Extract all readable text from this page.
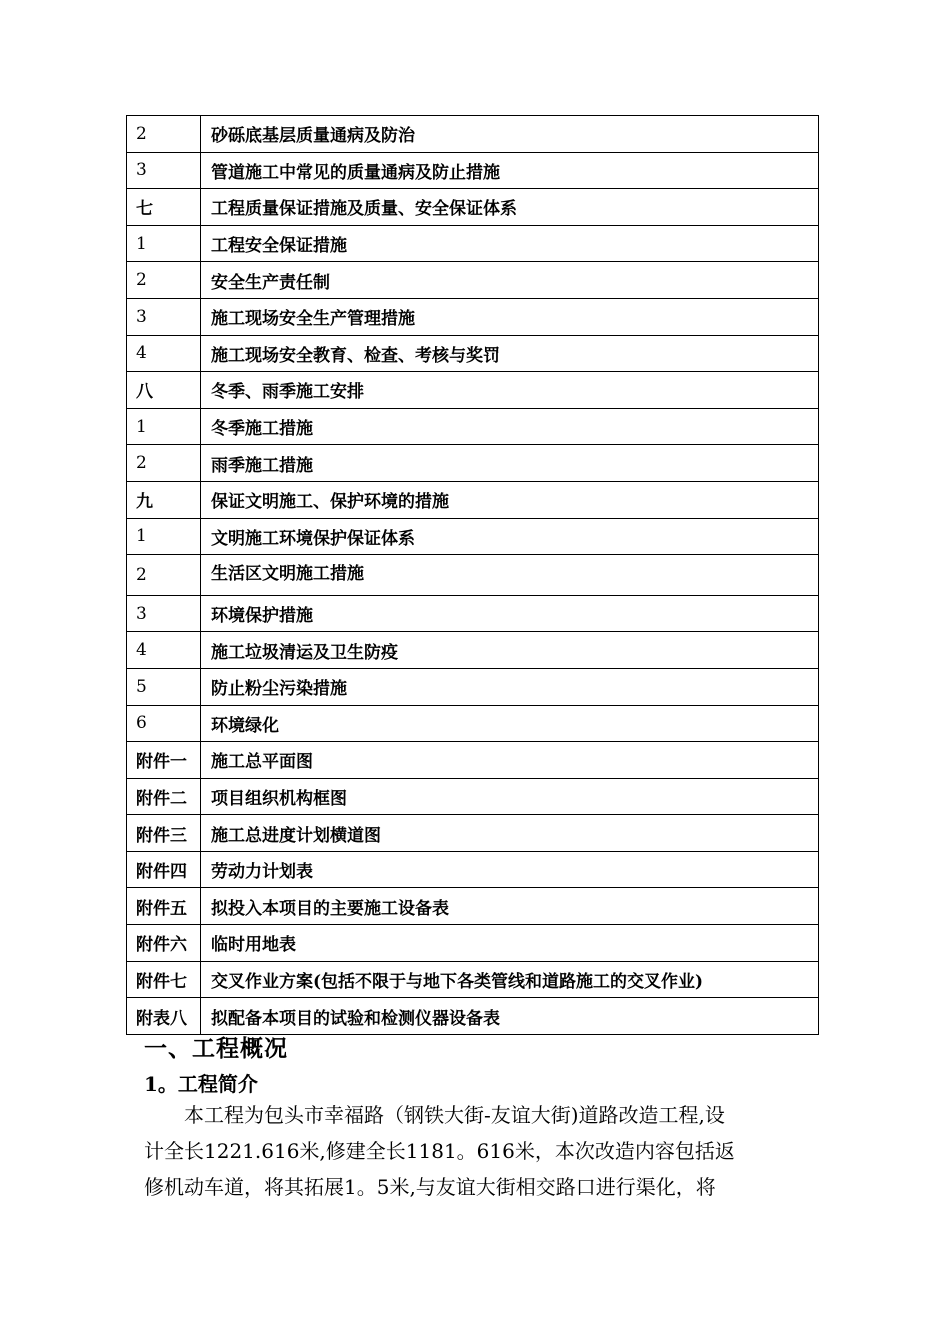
2	砂砾底基层质量通病及防治
3	管道施工中常见的质量通病及防止措施
七	工程质量保证措施及质量、安全保证体系
1	工程安全保证措施
2	安全生产责任制
3	施工现场安全生产管理措施
4	施工现场安全教育、检查、考核与奖罚
八	冬季、雨季施工安排
1	冬季施工措施
2	雨季施工措施
九	保证文明施工、保护环境的措施
1	文明施工环境保护保证体系
2	生活区文明施工措施
3	环境保护措施
4	施工垃圾清运及卫生防疫
5	防止粉尘污染措施
6	环境绿化
附件一	施工总平面图
附件二	项目组织机构框图
附件三	施工总进度计划横道图
附件四	劳动力计划表
附件五	拟投入本项目的主要施工设备表
附件六	临时用地表
附件七	交叉作业方案(包括不限于与地下各类管线和道路施工的交叉作业)
附表八	拟配备本项目的试验和检测仪器设备表
一、工程概况
1。工程简介

本工程为包头市幸福路（钢铁大街-友谊大街)道路改造工程,设

计全长1221.616米,修建全长1181。616米，本次改造内容包括返

修机动车道，将其拓展1。5米,与友谊大街相交路口进行渠化，将
